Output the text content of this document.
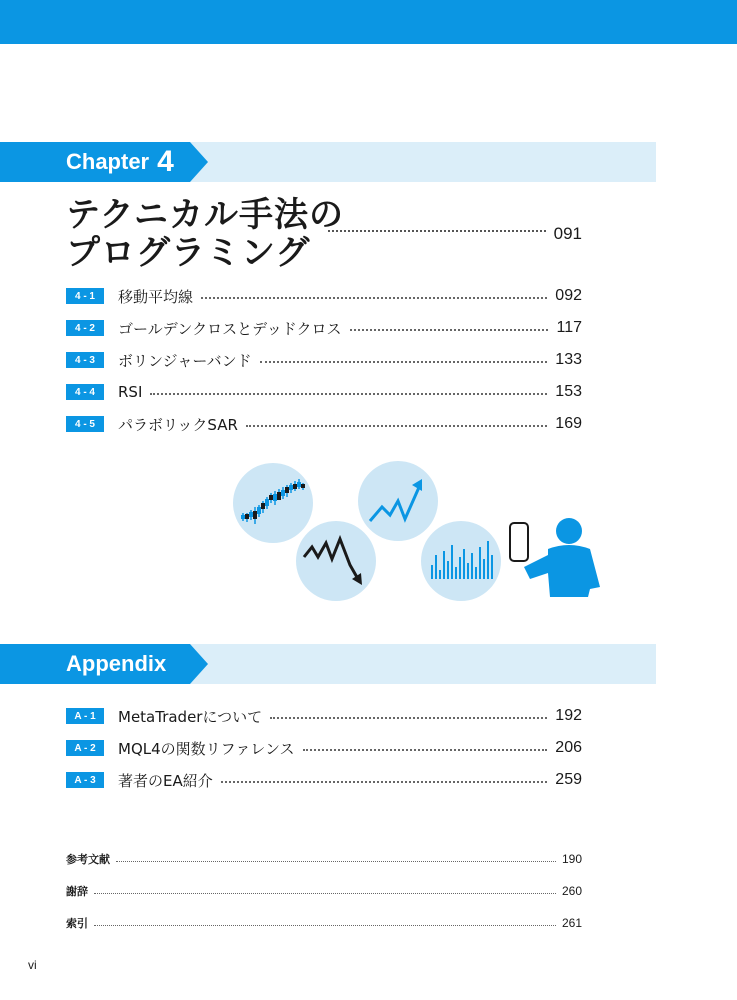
Chapter 4
テクニカル手法の
プログラミング	091
4 - 1	移動平均線	092
4 - 2	ゴールデンクロスとデッドクロス	117
4 - 3	ボリンジャーバンド	133
4 - 4	RSI	153
4 - 5	パラボリックSAR	169
Appendix
A - 1	MetaTraderについて	192
A - 2	MQL4の関数リファレンス	206
A - 3	著者のEA紹介	259
参考文献	190
謝辞	260
索引	261
vi
